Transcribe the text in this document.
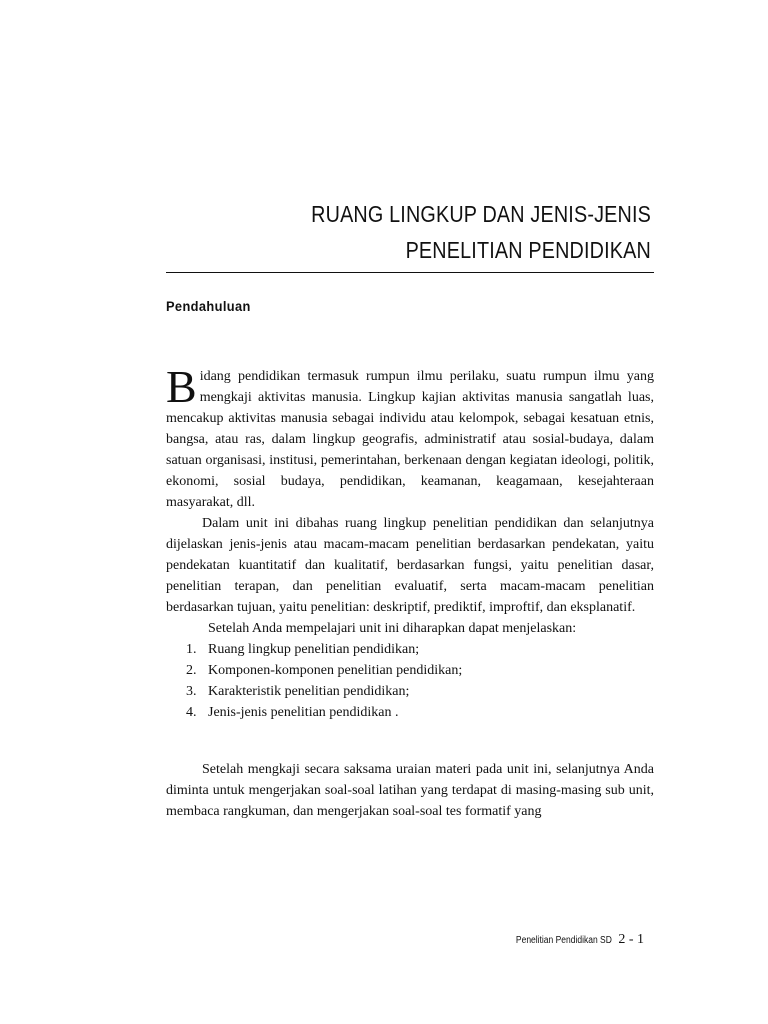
RUANG LINGKUP DAN JENIS-JENIS
PENELITIAN PENDIDIKAN
Pendahuluan

Bidang pendidikan termasuk rumpun ilmu perilaku, suatu rumpun ilmu yang mengkaji aktivitas manusia. Lingkup kajian aktivitas manusia sangatlah luas, mencakup aktivitas manusia sebagai individu atau kelompok, sebagai kesatuan etnis, bangsa, atau ras, dalam lingkup geografis, administratif atau sosial-budaya, dalam satuan organisasi, institusi, pemerintahan, berkenaan dengan kegiatan ideologi, politik, ekonomi, sosial budaya, pendidikan, keamanan, keagamaan, kesejahteraan masyarakat, dll.

Dalam unit ini dibahas ruang lingkup penelitian pendidikan dan selanjutnya dijelaskan jenis-jenis atau macam-macam penelitian berdasarkan pendekatan, yaitu pendekatan kuantitatif dan kualitatif, berdasarkan fungsi, yaitu penelitian dasar, penelitian terapan, dan penelitian evaluatif, serta macam-macam penelitian berdasarkan tujuan, yaitu penelitian: deskriptif, prediktif, improftif, dan eksplanatif.

Setelah Anda mempelajari unit ini diharapkan dapat menjelaskan:

1. Ruang lingkup penelitian pendidikan;
2. Komponen-komponen penelitian pendidikan;
3. Karakteristik penelitian pendidikan;
4. Jenis-jenis penelitian pendidikan .

Setelah mengkaji secara saksama uraian materi pada unit ini, selanjutnya Anda diminta untuk mengerjakan soal-soal latihan yang terdapat di masing-masing sub unit, membaca rangkuman, dan mengerjakan soal-soal tes formatif yang

Penelitian Pendidikan SD 2 - 1
